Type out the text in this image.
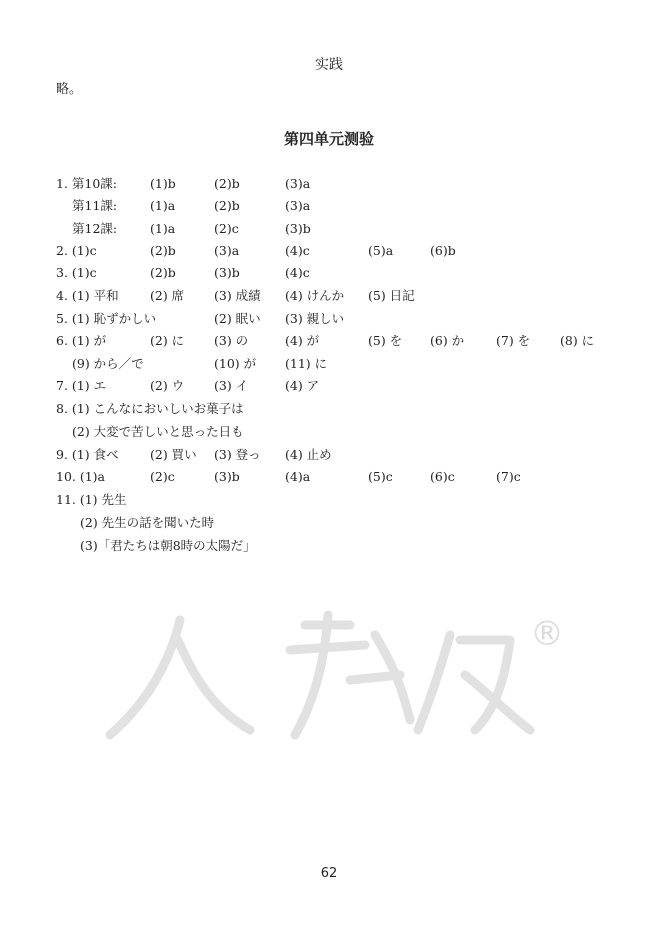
实践
略。
第四单元测验
1. 第10課:	(1)b	(2)b	(3)a
第11課:	(1)a	(2)b	(3)a
第12課:	(1)a	(2)c	(3)b
2. (1)c	(2)b	(3)a	(4)c	(5)a	(6)b
3. (1)c	(2)b	(3)b	(4)c
4. (1) 平和	(2) 席 (3) 成績 (4) けんか (5) 日記
5. (1) 恥ずかしい	(2) 眠い (3) 親しい
6. (1) が	(2) に (3) の	(4) が	(5) を (6) か	(7) を (8) に
(9) から／で	(10) が (11) に
7. (1) エ	(2) ウ (3) イ	(4) ア
8. (1) こんなにおいしいお菓子は
(2) 大変で苦しいと思った日も
9. (1) 食べ	(2) 買い (3) 登っ (4) 止め
10. (1)a	(2)c	(3)b	(4)a	(5)c	(6)c	(7)c
11. (1) 先生
(2) 先生の話を聞いた時
(3)「君たちは朝8時の太陽だ」
®
62
